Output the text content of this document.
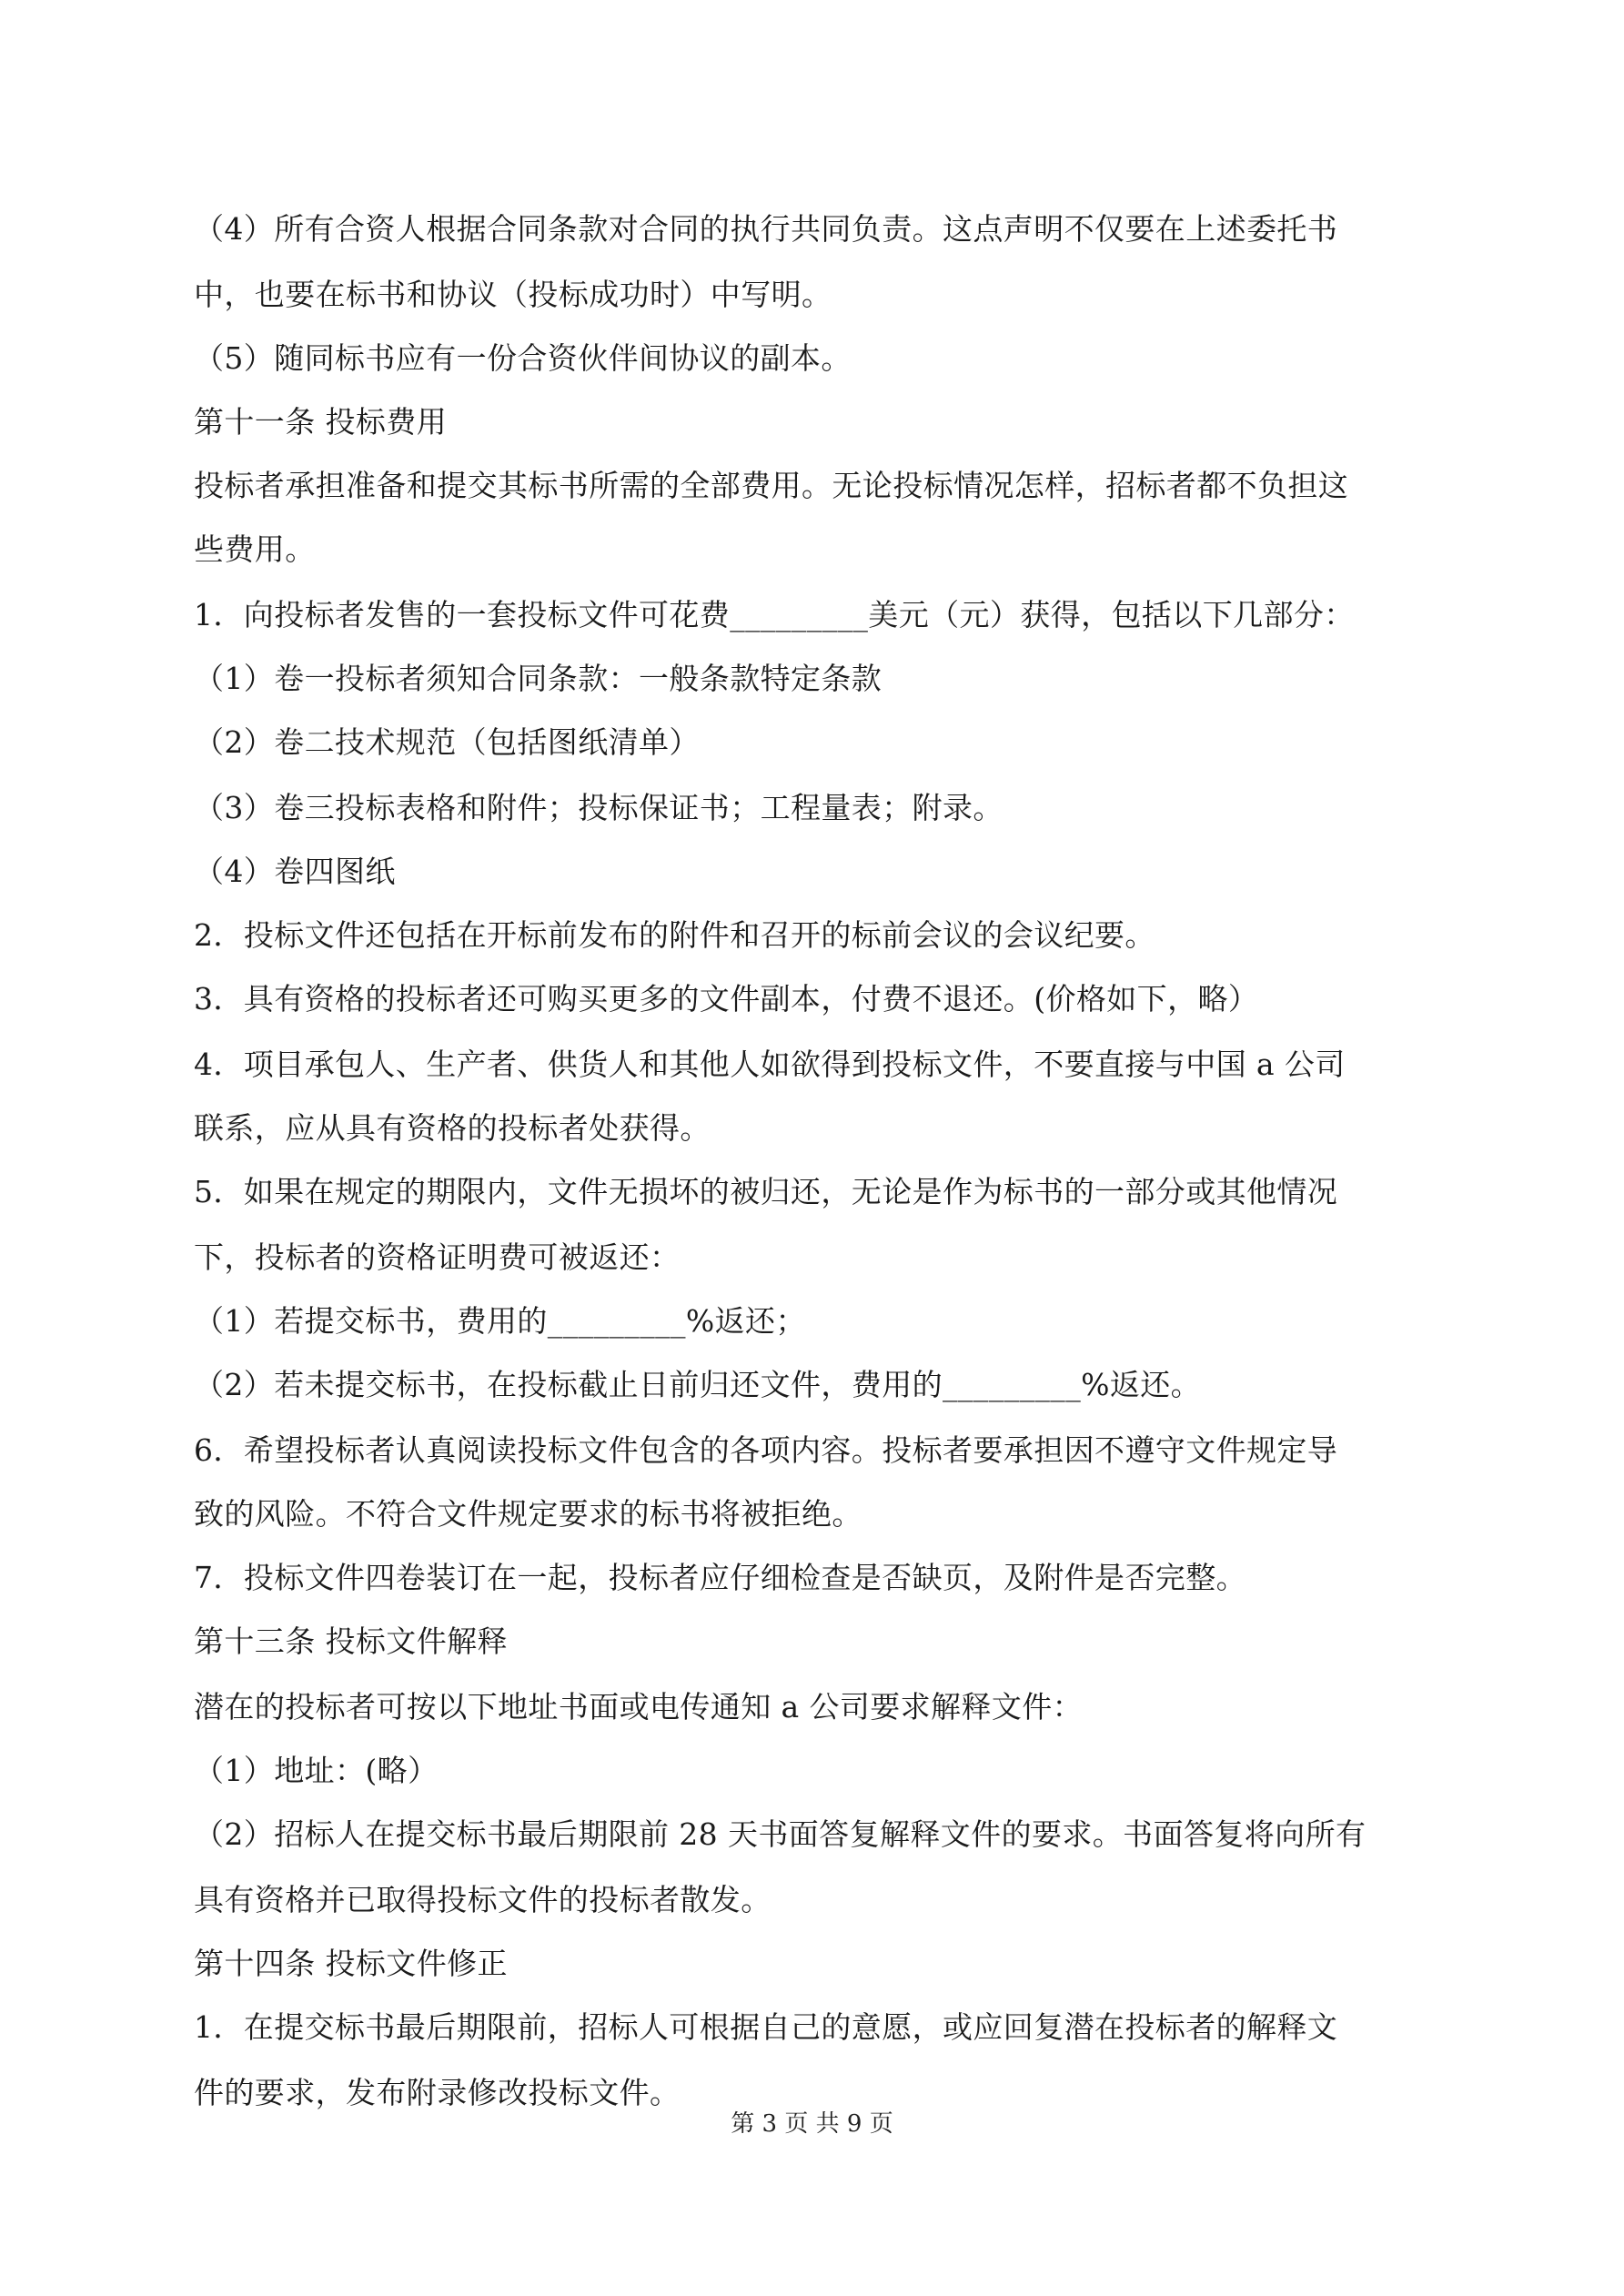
（4）所有合资人根据合同条款对合同的执行共同负责。这点声明不仅要在上述委托书
中，也要在标书和协议（投标成功时）中写明。
（5）随同标书应有一份合资伙伴间协议的副本。
第十一条 投标费用
投标者承担准备和提交其标书所需的全部费用。无论投标情况怎样，招标者都不负担这
些费用。
1．向投标者发售的一套投标文件可花费_________美元（元）获得，包括以下几部分：
（1）卷一投标者须知合同条款：一般条款特定条款
（2）卷二技术规范（包括图纸清单）
（3）卷三投标表格和附件；投标保证书；工程量表；附录。
（4）卷四图纸
2．投标文件还包括在开标前发布的附件和召开的标前会议的会议纪要。
3．具有资格的投标者还可购买更多的文件副本，付费不退还。(价格如下，略）
4．项目承包人、生产者、供货人和其他人如欲得到投标文件，不要直接与中国 a 公司
联系，应从具有资格的投标者处获得。
5．如果在规定的期限内，文件无损坏的被归还，无论是作为标书的一部分或其他情况
下，投标者的资格证明费可被返还：
（1）若提交标书，费用的_________%返还；
（2）若未提交标书，在投标截止日前归还文件，费用的_________%返还。
6．希望投标者认真阅读投标文件包含的各项内容。投标者要承担因不遵守文件规定导
致的风险。不符合文件规定要求的标书将被拒绝。
7．投标文件四卷装订在一起，投标者应仔细检查是否缺页，及附件是否完整。
第十三条 投标文件解释
潜在的投标者可按以下地址书面或电传通知 a 公司要求解释文件：
（1）地址：(略）
（2）招标人在提交标书最后期限前 28 天书面答复解释文件的要求。书面答复将向所有
具有资格并已取得投标文件的投标者散发。
第十四条 投标文件修正
1．在提交标书最后期限前，招标人可根据自己的意愿，或应回复潜在投标者的解释文
件的要求，发布附录修改投标文件。
第 3 页 共 9 页
